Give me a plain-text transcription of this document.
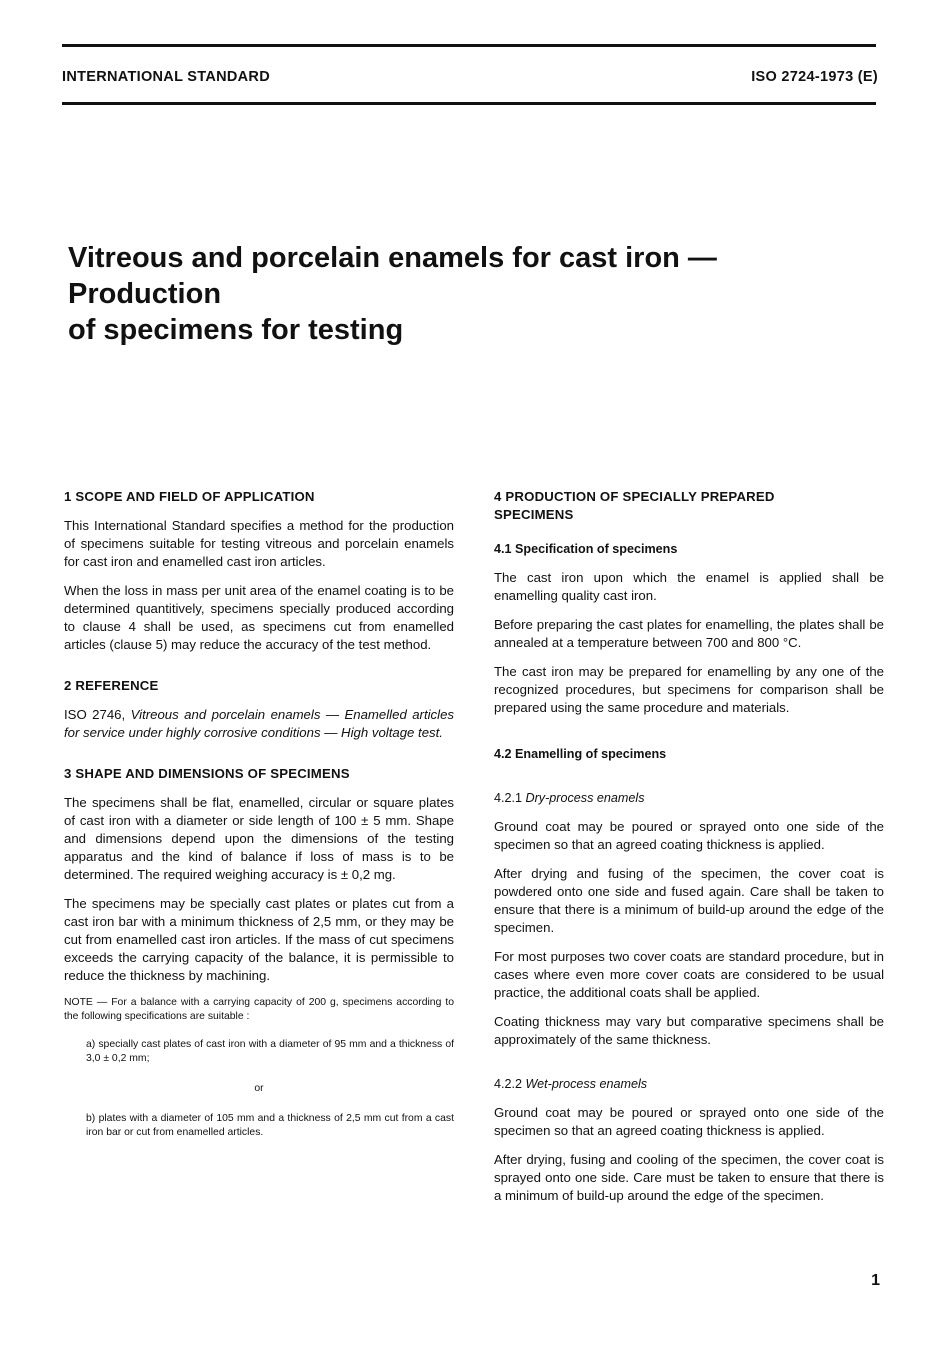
INTERNATIONAL STANDARD	ISO 2724-1973 (E)
Vitreous and porcelain enamels for cast iron — Production
of specimens for testing
1 SCOPE AND FIELD OF APPLICATION

This International Standard specifies a method for the production of specimens suitable for testing vitreous and porcelain enamels for cast iron and enamelled cast iron articles.

When the loss in mass per unit area of the enamel coating is to be determined quantitively, specimens specially produced according to clause 4 shall be used, as specimens cut from enamelled articles (clause 5) may reduce the accuracy of the test method.

2 REFERENCE

ISO 2746, Vitreous and porcelain enamels — Enamelled articles for service under highly corrosive conditions — High voltage test.

3 SHAPE AND DIMENSIONS OF SPECIMENS

The specimens shall be flat, enamelled, circular or square plates of cast iron with a diameter or side length of 100 ± 5 mm. Shape and dimensions depend upon the dimensions of the testing apparatus and the kind of balance if loss of mass is to be determined. The required weighing accuracy is ± 0,2 mg.

The specimens may be specially cast plates or plates cut from a cast iron bar with a minimum thickness of 2,5 mm, or they may be cut from enamelled cast iron articles. If the mass of cut specimens exceeds the carrying capacity of the balance, it is permissible to reduce the thickness by machining.

NOTE — For a balance with a carrying capacity of 200 g, specimens according to the following specifications are suitable :

a) specially cast plates of cast iron with a diameter of 95 mm and a thickness of 3,0 ± 0,2 mm;

or

b) plates with a diameter of 105 mm and a thickness of 2,5 mm cut from a cast iron bar or cut from enamelled articles.

4 PRODUCTION OF SPECIALLY PREPARED SPECIMENS
4.1 Specification of specimens

The cast iron upon which the enamel is applied shall be enamelling quality cast iron.

Before preparing the cast plates for enamelling, the plates shall be annealed at a temperature between 700 and 800 °C.

The cast iron may be prepared for enamelling by any one of the recognized procedures, but specimens for comparison shall be prepared using the same procedure and materials.

4.2 Enamelling of specimens
4.2.1 Dry-process enamels

Ground coat may be poured or sprayed onto one side of the specimen so that an agreed coating thickness is applied.

After drying and fusing of the specimen, the cover coat is powdered onto one side and fused again. Care shall be taken to ensure that there is a minimum of build-up around the edge of the specimen.

For most purposes two cover coats are standard procedure, but in cases where even more cover coats are considered to be usual practice, the additional coats shall be applied.

Coating thickness may vary but comparative specimens shall be approximately of the same thickness.

4.2.2 Wet-process enamels

Ground coat may be poured or sprayed onto one side of the specimen so that an agreed coating thickness is applied.

After drying, fusing and cooling of the specimen, the cover coat is sprayed onto one side. Care must be taken to ensure that there is a minimum of build-up around the edge of the specimen.

1
